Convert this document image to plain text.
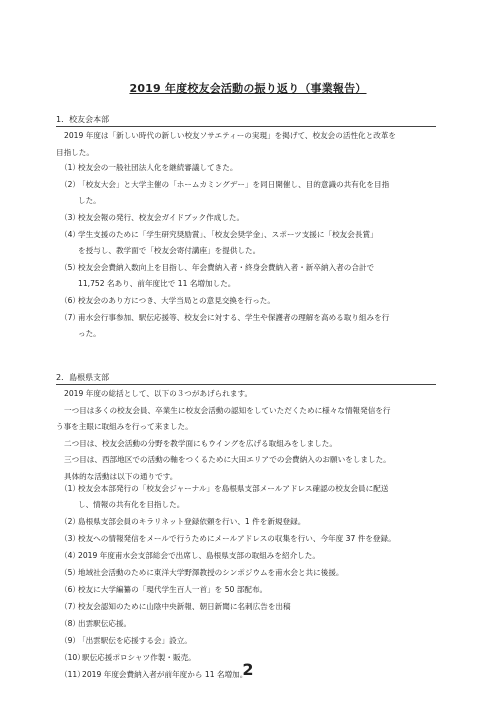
2019 年度校友会活動の振り返り（事業報告）
1．校友会本部
2019 年度は「新しい時代の新しい校友ソサエティーの実現」を掲げて、校友会の活性化と改革を
目指した。
（1）
校友会の一般社団法人化を継続審議してきた。
（2）
「校友大会」と大学主催の「ホームカミングデー」を同日開催し、目的意識の共有化を目指
した。
（3）
校友会報の発行、校友会ガイドブック作成した。
（4）
学生支援のために「学生研究奨励賞」、「校友会奨学金」、スポーツ支援に「校友会長賞」
を授与し、教学面で「校友会寄付講座」を提供した。
（5）
校友会会費納入数向上を目指し、年会費納入者・終身会費納入者・新卒納入者の合計で
11,752 名あり、前年度比で 11 名増加した。
（6）
校友会のあり方につき、大学当局との意見交換を行った。
（7）
甫水会行事参加、駅伝応援等、校友会に対する、学生や保護者の理解を高める取り組みを行
った。
2．島根県支部
2019 年度の総括として、以下の３つがあげられます。
一つ目は多くの校友会員、卒業生に校友会活動の認知をしていただくために様々な情報発信を行
う事を主眼に取組みを行って来ました。
二つ目は、校友会活動の分野を教学面にもウイングを広げる取組みをしました。
三つ目は、西部地区での活動の軸をつくるために大田エリアでの会費納入のお願いをしました。
具体的な活動は以下の通りです。
（1）
校友会本部発行の「校友会ジャーナル」を島根県支部メールアドレス確認の校友会員に配送
し、情報の共有化を目指した。
（2）
島根県支部会員のキラリネット登録依頼を行い、1 件を新規登録。
（3）
校友への情報発信をメールで行うためにメールアドレスの収集を行い、今年度 37 件を登録。
（4）
2019 年度甫水会支部総会で出席し、島根県支部の取組みを紹介した。
（5）
地域社会活動のために東洋大学野澤教授のシンポジウムを甫水会と共に後援。
（6）
校友に大学編纂の「現代学生百人一首」を 50 部配布。
（7）
校友会認知のために山陰中央新報、朝日新聞に名刺広告を出稿
（8）
出雲駅伝応援。
（9）
「出雲駅伝を応援する会」設立。
（10）
駅伝応援ポロシャツ作製・販売。
（11）
2019 年度会費納入者が前年度から 11 名増加。
2
